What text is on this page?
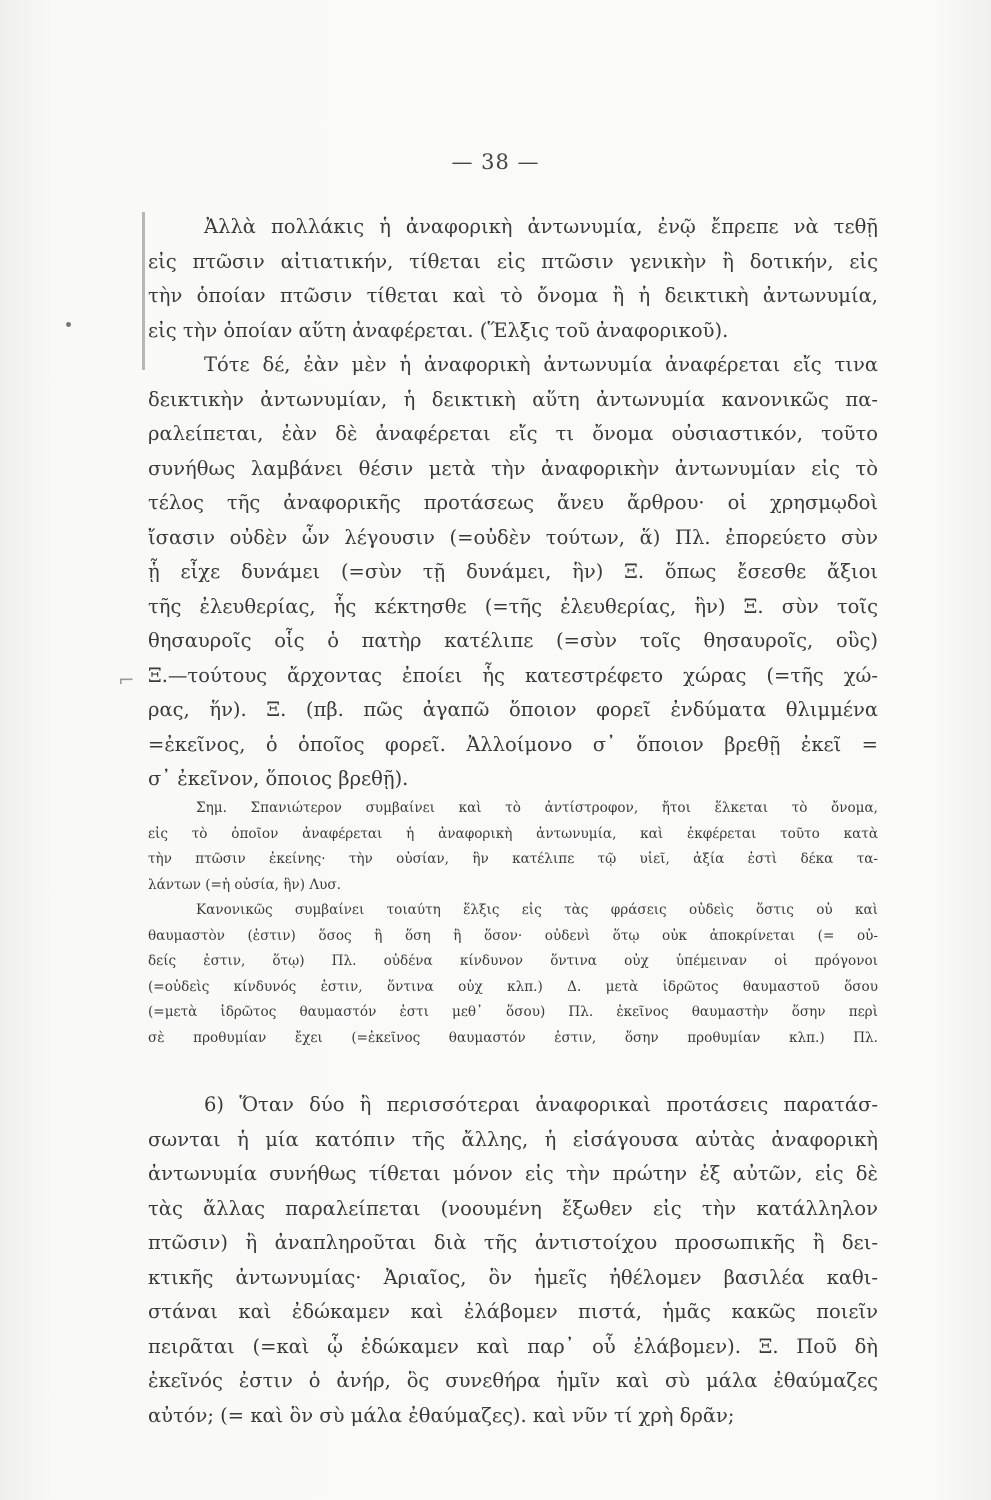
— 38 —
⌐
Ἀλλὰ πολλάκις ἡ ἀναφορικὴ ἀντωνυμία, ἐνῷ ἔπρεπε νὰ τεθῇ
εἰς πτῶσιν αἰτιατικήν, τίθεται εἰς πτῶσιν γενικὴν ἢ δοτικήν, εἰς
τὴν ὁποίαν πτῶσιν τίθεται καὶ τὸ ὄνομα ἢ ἡ δεικτικὴ ἀντωνυμία,
εἰς τὴν ὁποίαν αὕτη ἀναφέρεται. (Ἕλξις τοῦ ἀναφορικοῦ).
Τότε δέ, ἐὰν μὲν ἡ ἀναφορικὴ ἀντωνυμία ἀναφέρεται εἴς τινα
δεικτικὴν ἀντωνυμίαν, ἡ δεικτικὴ αὕτη ἀντωνυμία κανονικῶς πα-
ραλείπεται, ἐὰν δὲ ἀναφέρεται εἴς τι ὄνομα οὐσιαστικόν, τοῦτο
συνήθως λαμβάνει θέσιν μετὰ τὴν ἀναφορικὴν ἀντωνυμίαν εἰς τὸ
τέλος τῆς ἀναφορικῆς προτάσεως ἄνευ ἄρθρου· οἱ χρησμῳδοὶ
ἴσασιν οὐδὲν ὧν λέγουσιν (=οὐδὲν τούτων, ἅ) Πλ. ἐπορεύετο σὺν
ᾗ εἶχε δυνάμει (=σὺν τῇ δυνάμει, ἣν) Ξ. ὅπως ἔσεσθε ἄξιοι
τῆς ἐλευθερίας, ἧς κέκτησθε (=τῆς ἐλευθερίας, ἣν) Ξ. σὺν τοῖς
θησαυροῖς οἷς ὁ πατὴρ κατέλιπε (=σὺν τοῖς θησαυροῖς, οὓς)
Ξ.—τούτους ἄρχοντας ἐποίει ἧς κατεστρέφετο χώρας (=τῆς χώ-
ρας, ἥν). Ξ. (πβ. πῶς ἀγαπῶ ὅποιον φορεῖ ἐνδύματα θλιμμένα
=ἐκεῖνος, ὁ ὁποῖος φορεῖ. Ἀλλοίμονο σ᾽ ὅποιον βρεθῇ ἐκεῖ =
σ᾽ ἐκεῖνον, ὅποιος βρεθῇ).
Σημ. Σπανιώτερον συμβαίνει καὶ τὸ ἀντίστροφον, ἤτοι ἕλκεται τὸ ὄνομα,
εἰς τὸ ὁποῖον ἀναφέρεται ἡ ἀναφορικὴ ἀντωνυμία, καὶ ἐκφέρεται τοῦτο κατὰ
τὴν πτῶσιν ἐκείνης· τὴν οὐσίαν, ἣν κατέλιπε τῷ υἱεῖ, ἀξία ἐστὶ δέκα τα-
λάντων (=ἡ οὐσία, ἣν) Λυσ.
Κανονικῶς συμβαίνει τοιαύτη ἕλξις εἰς τὰς φράσεις οὐδεὶς ὅστις οὐ καὶ
θαυμαστὸν (ἐστιν) ὅσος ἢ ὅση ἢ ὅσον· οὐδενὶ ὅτῳ οὐκ ἀποκρίνεται (= οὐ-
δείς ἐστιν, ὅτῳ) Πλ. οὐδένα κίνδυνον ὅντινα οὐχ ὑπέμειναν οἱ πρόγονοι
(=οὐδεὶς κίνδυνός ἐστιν, ὅντινα οὐχ κλπ.) Δ. μετὰ ἱδρῶτος θαυμαστοῦ ὅσου
(=μετὰ ἱδρῶτος θαυμαστόν ἐστι μεθ᾽ ὅσου) Πλ. ἐκεῖνος θαυμαστὴν ὅσην περὶ
σὲ προθυμίαν ἔχει (=ἐκεῖνος θαυμαστόν ἐστιν, ὅσην προθυμίαν κλπ.) Πλ.
6) Ὅταν δύο ἢ περισσότεραι ἀναφορικαὶ προτάσεις παρατάσ-
σωνται ἡ μία κατόπιν τῆς ἄλλης, ἡ εἰσάγουσα αὐτὰς ἀναφορικὴ
ἀντωνυμία συνήθως τίθεται μόνον εἰς τὴν πρώτην ἐξ αὐτῶν, εἰς δὲ
τὰς ἄλλας παραλείπεται (νοουμένη ἔξωθεν εἰς τὴν κατάλληλον
πτῶσιν) ἢ ἀναπληροῦται διὰ τῆς ἀντιστοίχου προσωπικῆς ἢ δει-
κτικῆς ἀντωνυμίας· Ἀριαῖος, ὃν ἡμεῖς ἠθέλομεν βασιλέα καθι-
στάναι καὶ ἐδώκαμεν καὶ ἐλάβομεν πιστά, ἡμᾶς κακῶς ποιεῖν
πειρᾶται (=καὶ ᾧ ἐδώκαμεν καὶ παρ᾽ οὗ ἐλάβομεν). Ξ. Ποῦ δὴ
ἐκεῖνός ἐστιν ὁ ἀνήρ, ὃς συνεθήρα ἡμῖν καὶ σὺ μάλα ἐθαύμαζες
αὐτόν; (= καὶ ὃν σὺ μάλα ἐθαύμαζες). καὶ νῦν τί χρὴ δρᾶν;
